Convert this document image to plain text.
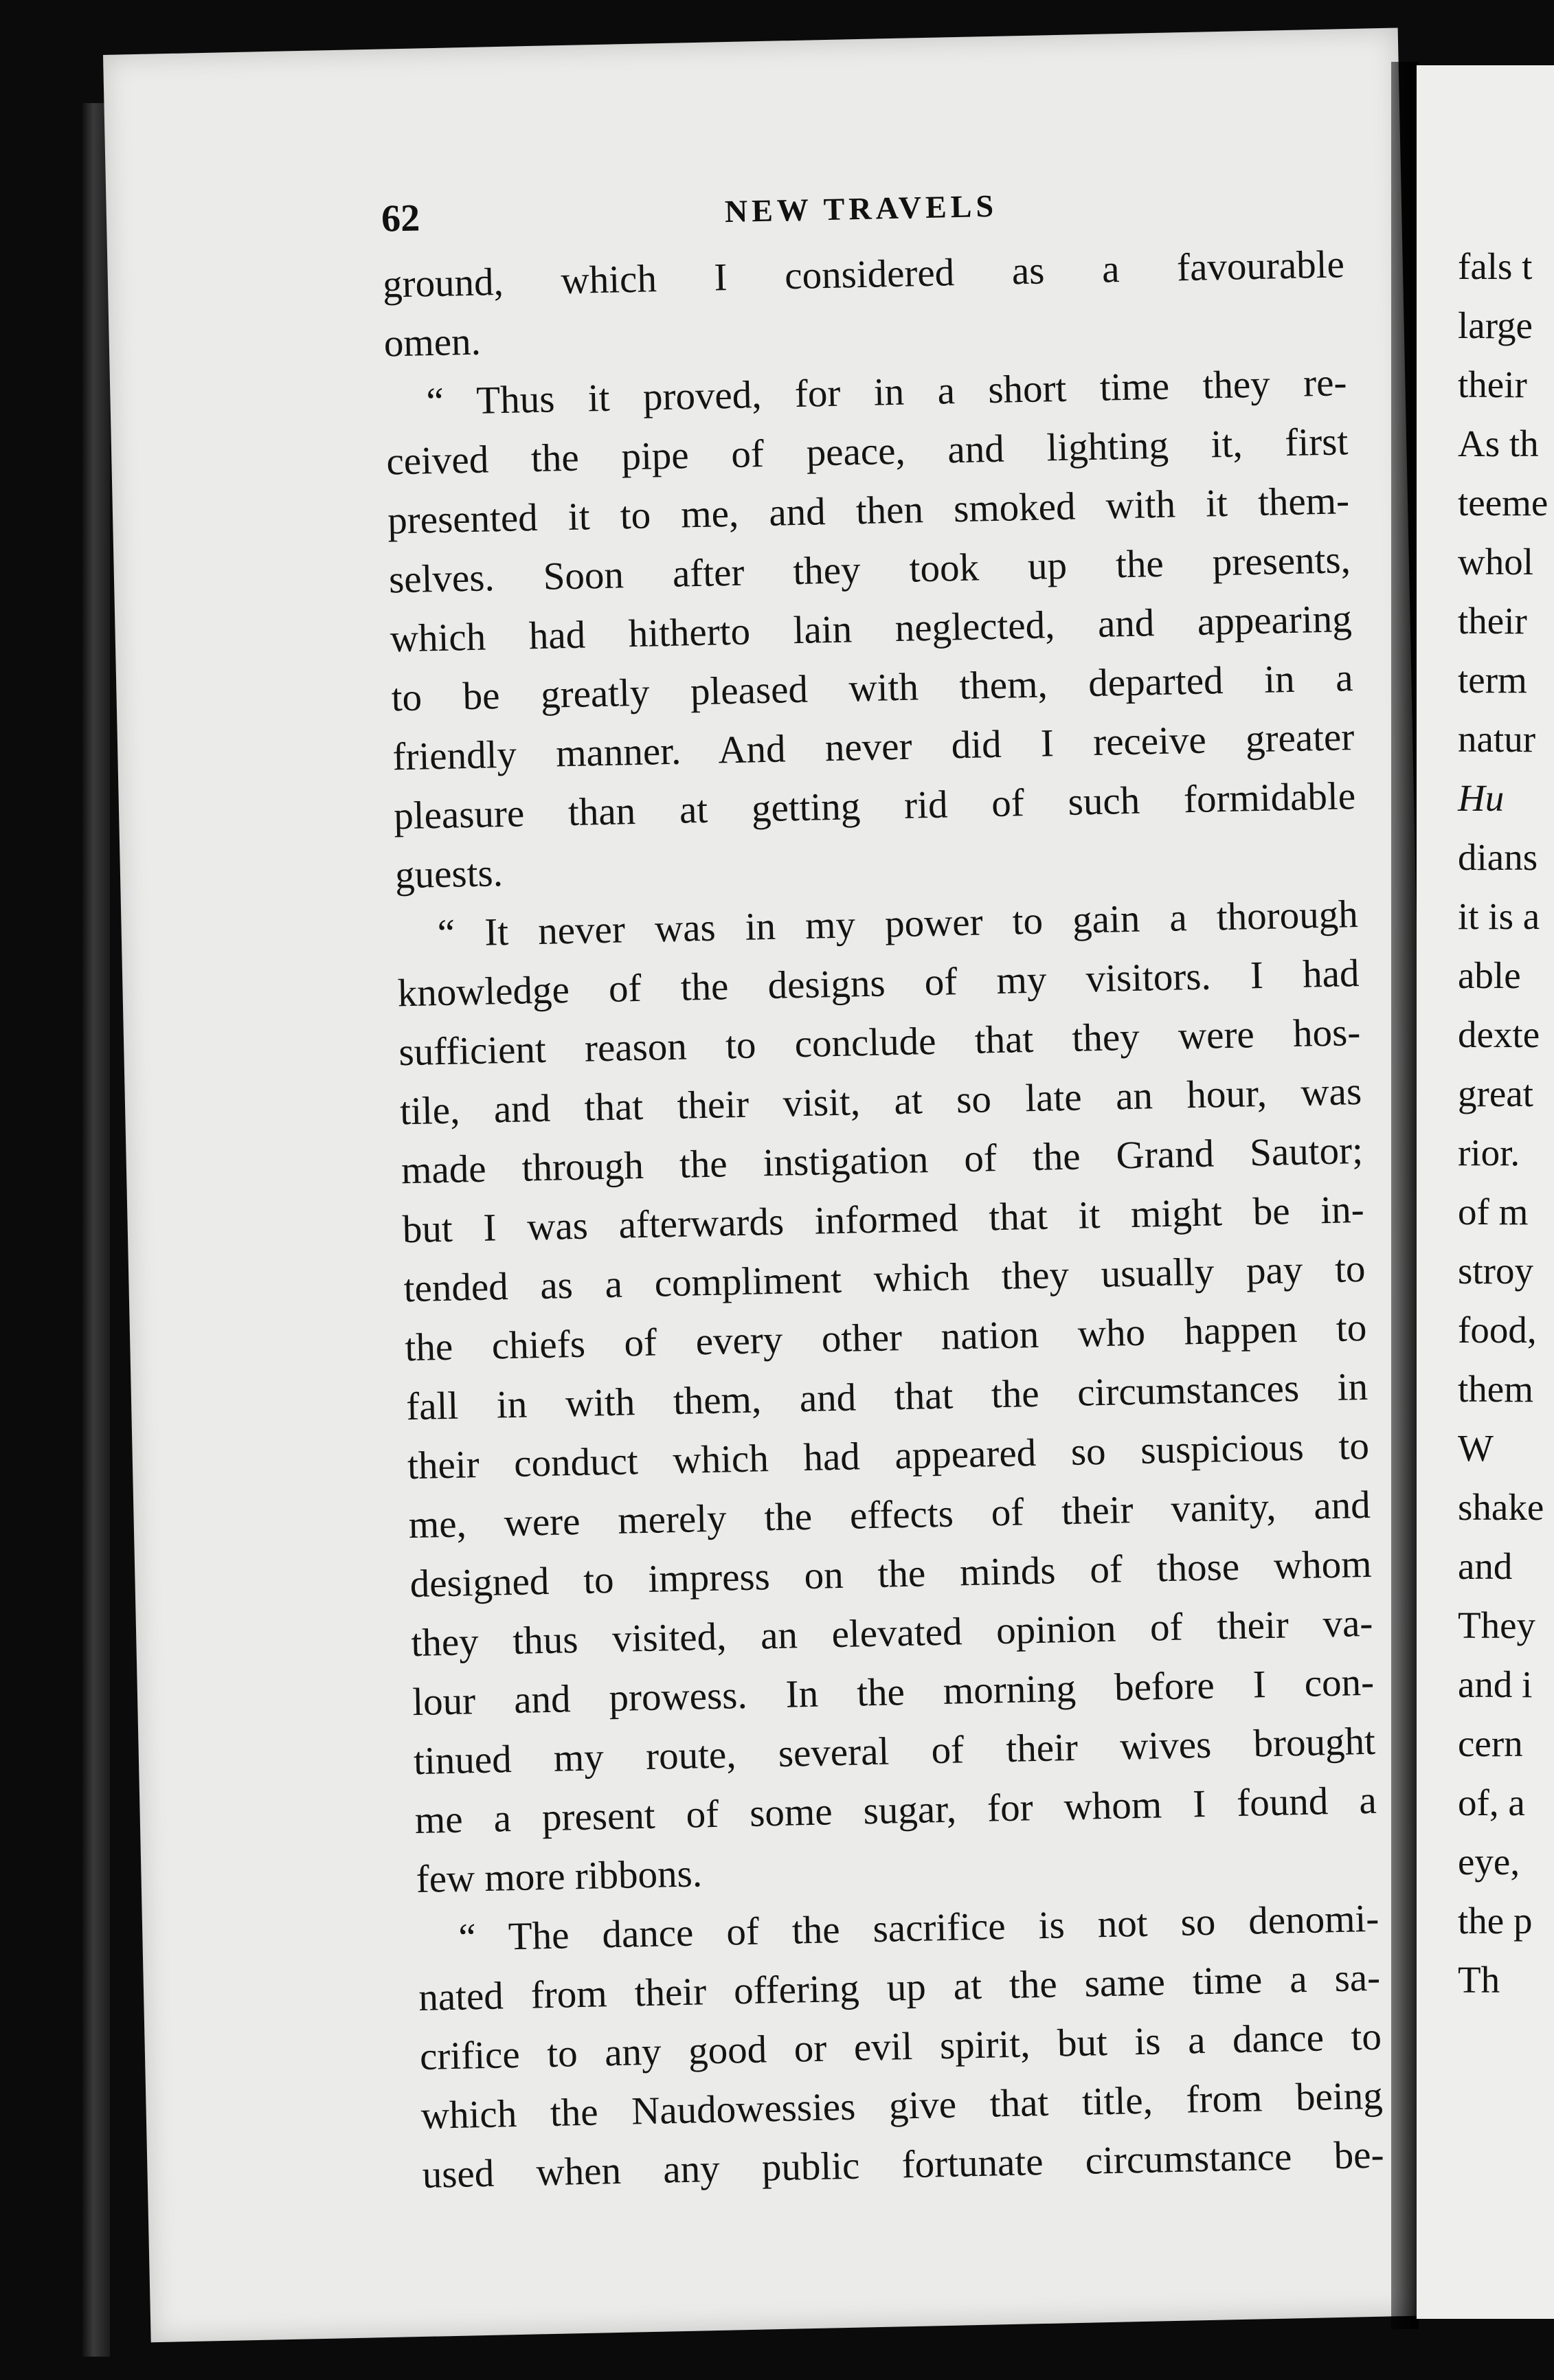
62	NEW TRAVELS
ground, which I considered as a favourable
omen.
“ Thus it proved, for in a short time they re-
ceived the pipe of peace, and lighting it, first
presented it to me, and then smoked with it them-
selves. Soon after they took up the presents,
which had hitherto lain neglected, and appearing
to be greatly pleased with them, departed in a
friendly manner. And never did I receive greater
pleasure than at getting rid of such formidable
guests.
“ It never was in my power to gain a thorough
knowledge of the designs of my visitors. I had
sufficient reason to conclude that they were hos-
tile, and that their visit, at so late an hour, was
made through the instigation of the Grand Sautor;
but I was afterwards informed that it might be in-
tended as a compliment which they usually pay to
the chiefs of every other nation who happen to
fall in with them, and that the circumstances in
their conduct which had appeared so suspicious to
me, were merely the effects of their vanity, and
designed to impress on the minds of those whom
they thus visited, an elevated opinion of their va-
lour and prowess. In the morning before I con-
tinued my route, several of their wives brought
me a present of some sugar, for whom I found a
few more ribbons.
“ The dance of the sacrifice is not so denomi-
nated from their offering up at the same time a sa-
crifice to any good or evil spirit, but is a dance to
which the Naudowessies give that title, from being
used when any public fortunate circumstance be-
fals t
large
their
As th
teeme
whol
their
term
natur
Hu
dians
it is a
able
dexte
great
rior.
of m
stroy
food,
them
W
shake
and
They
and i
cern
of, a
eye,
the p
Th
